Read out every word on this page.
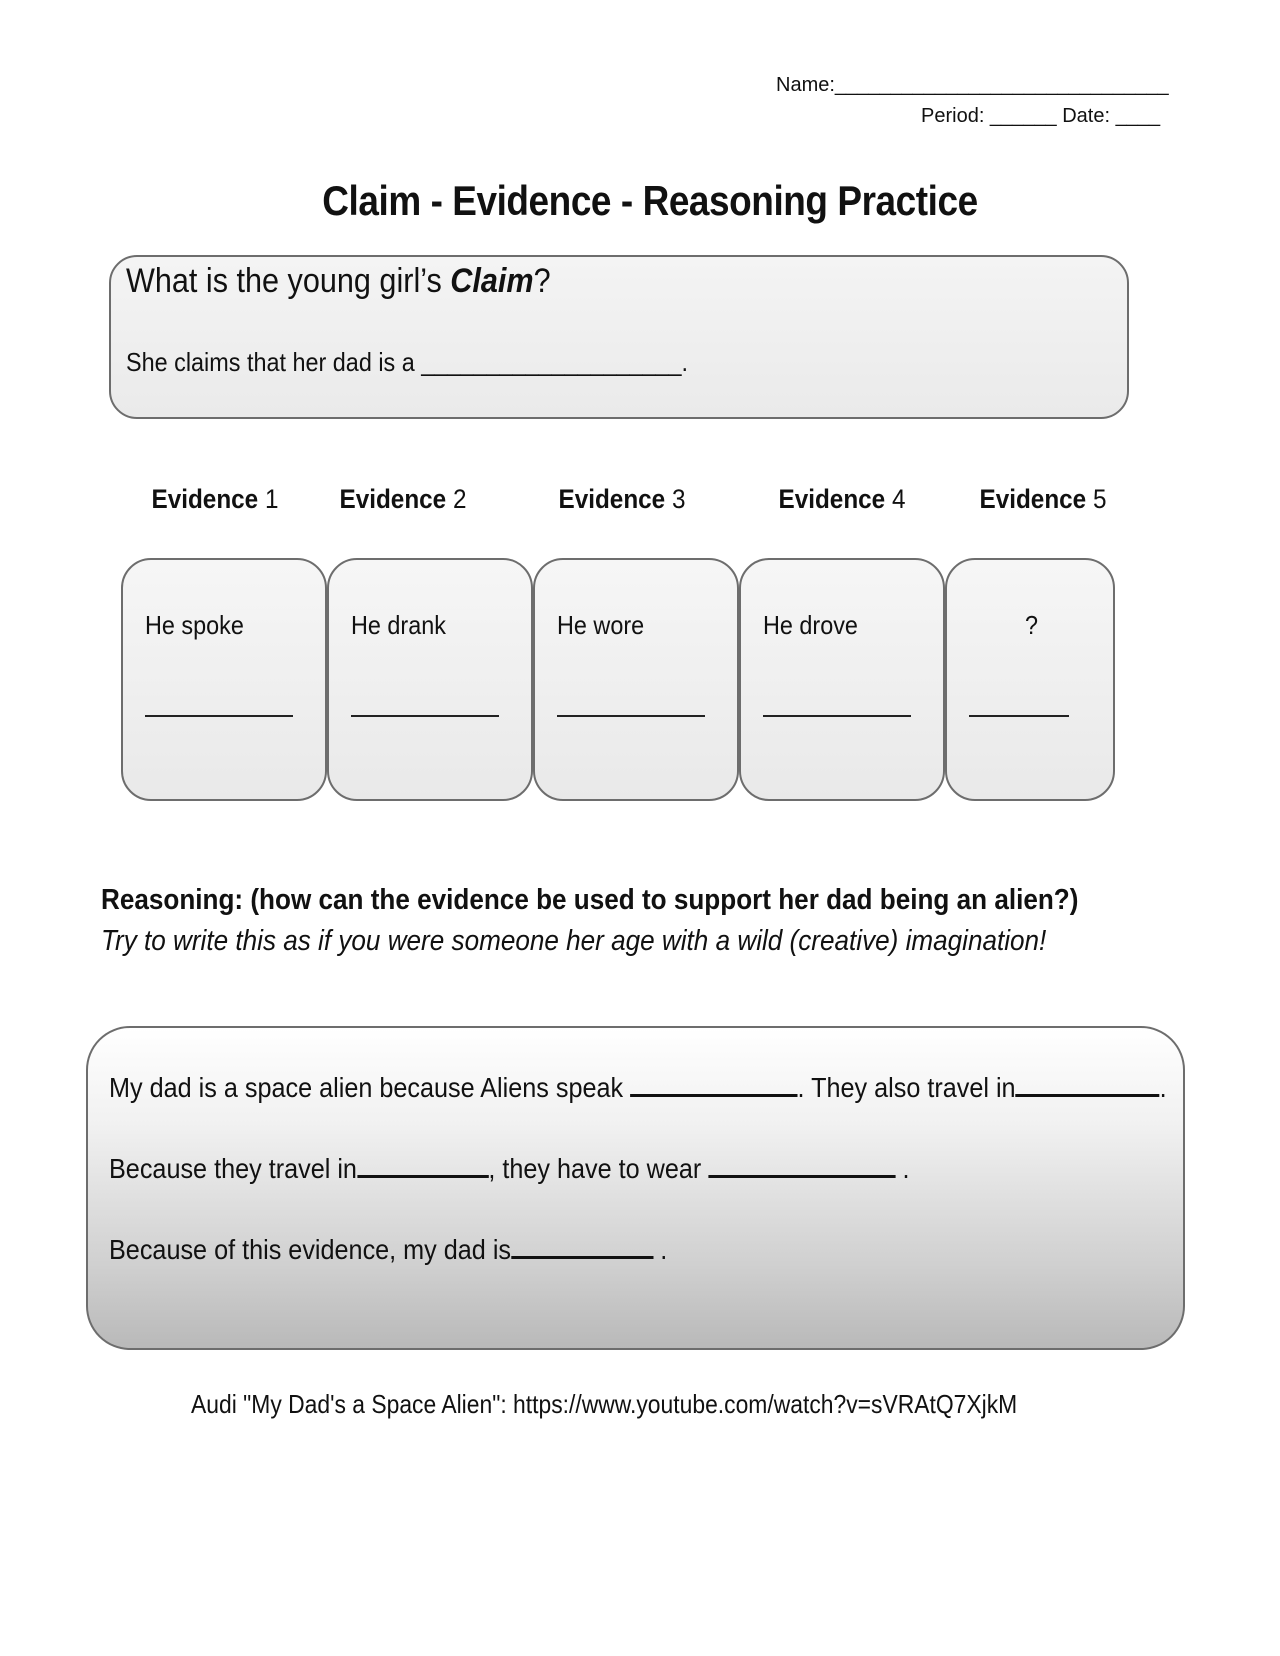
Name:______________________________
Period: ______ Date: ____
Claim - Evidence - Reasoning Practice
What is the young girl’s Claim?
She claims that her dad is a ____________________.
Evidence 1	Evidence 2	Evidence 3	Evidence 4	Evidence 5
He spoke	He drank	He wore	He drove	?
Reasoning: (how can the evidence be used to support her dad being an alien?)
Try to write this as if you were someone her age with a wild (creative) imagination!
My dad is a space alien because Aliens speak	. They also travel in	.
Because they travel in	, they have to wear	.
Because of this evidence, my dad is	.
Audi "My Dad's a Space Alien": https://www.youtube.com/watch?v=sVRAtQ7XjkM
